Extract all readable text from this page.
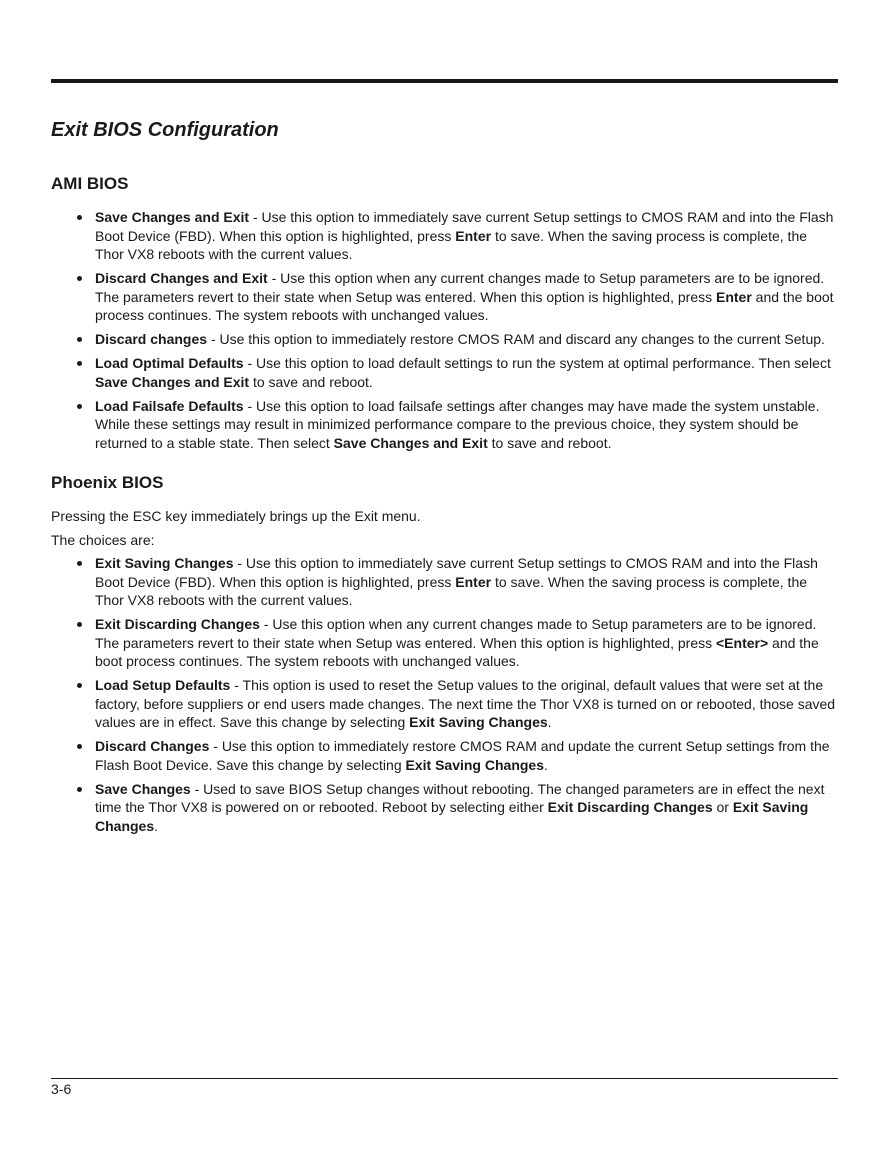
Exit BIOS Configuration
AMI BIOS
Save Changes and Exit - Use this option to immediately save current Setup settings to CMOS RAM and into the Flash Boot Device (FBD). When this option is highlighted, press Enter to save. When the saving process is complete, the Thor VX8 reboots with the current values.
Discard Changes and Exit - Use this option when any current changes made to Setup parameters are to be ignored. The parameters revert to their state when Setup was entered. When this option is highlighted, press Enter and the boot process continues. The system reboots with unchanged values.
Discard changes - Use this option to immediately restore CMOS RAM and discard any changes to the current Setup.
Load Optimal Defaults - Use this option to load default settings to run the system at optimal performance. Then select Save Changes and Exit to save and reboot.
Load Failsafe Defaults - Use this option to load failsafe settings after changes may have made the system unstable. While these settings may result in minimized performance compare to the previous choice, they system should be returned to a stable state. Then select Save Changes and Exit to save and reboot.
Phoenix BIOS

Pressing the ESC key immediately brings up the Exit menu.

The choices are:

Exit Saving Changes - Use this option to immediately save current Setup settings to CMOS RAM and into the Flash Boot Device (FBD). When this option is highlighted, press Enter to save. When the saving process is complete, the Thor VX8 reboots with the current values.
Exit Discarding Changes - Use this option when any current changes made to Setup parameters are to be ignored. The parameters revert to their state when Setup was entered. When this option is highlighted, press <Enter> and the boot process continues. The system reboots with unchanged values.
Load Setup Defaults - This option is used to reset the Setup values to the original, default values that were set at the factory, before suppliers or end users made changes. The next time the Thor VX8 is turned on or rebooted, those saved values are in effect. Save this change by selecting Exit Saving Changes.
Discard Changes - Use this option to immediately restore CMOS RAM and update the current Setup settings from the Flash Boot Device. Save this change by selecting Exit Saving Changes.
Save Changes - Used to save BIOS Setup changes without rebooting. The changed parameters are in effect the next time the Thor VX8 is powered on or rebooted. Reboot by selecting either Exit Discarding Changes or Exit Saving Changes.
3-6
